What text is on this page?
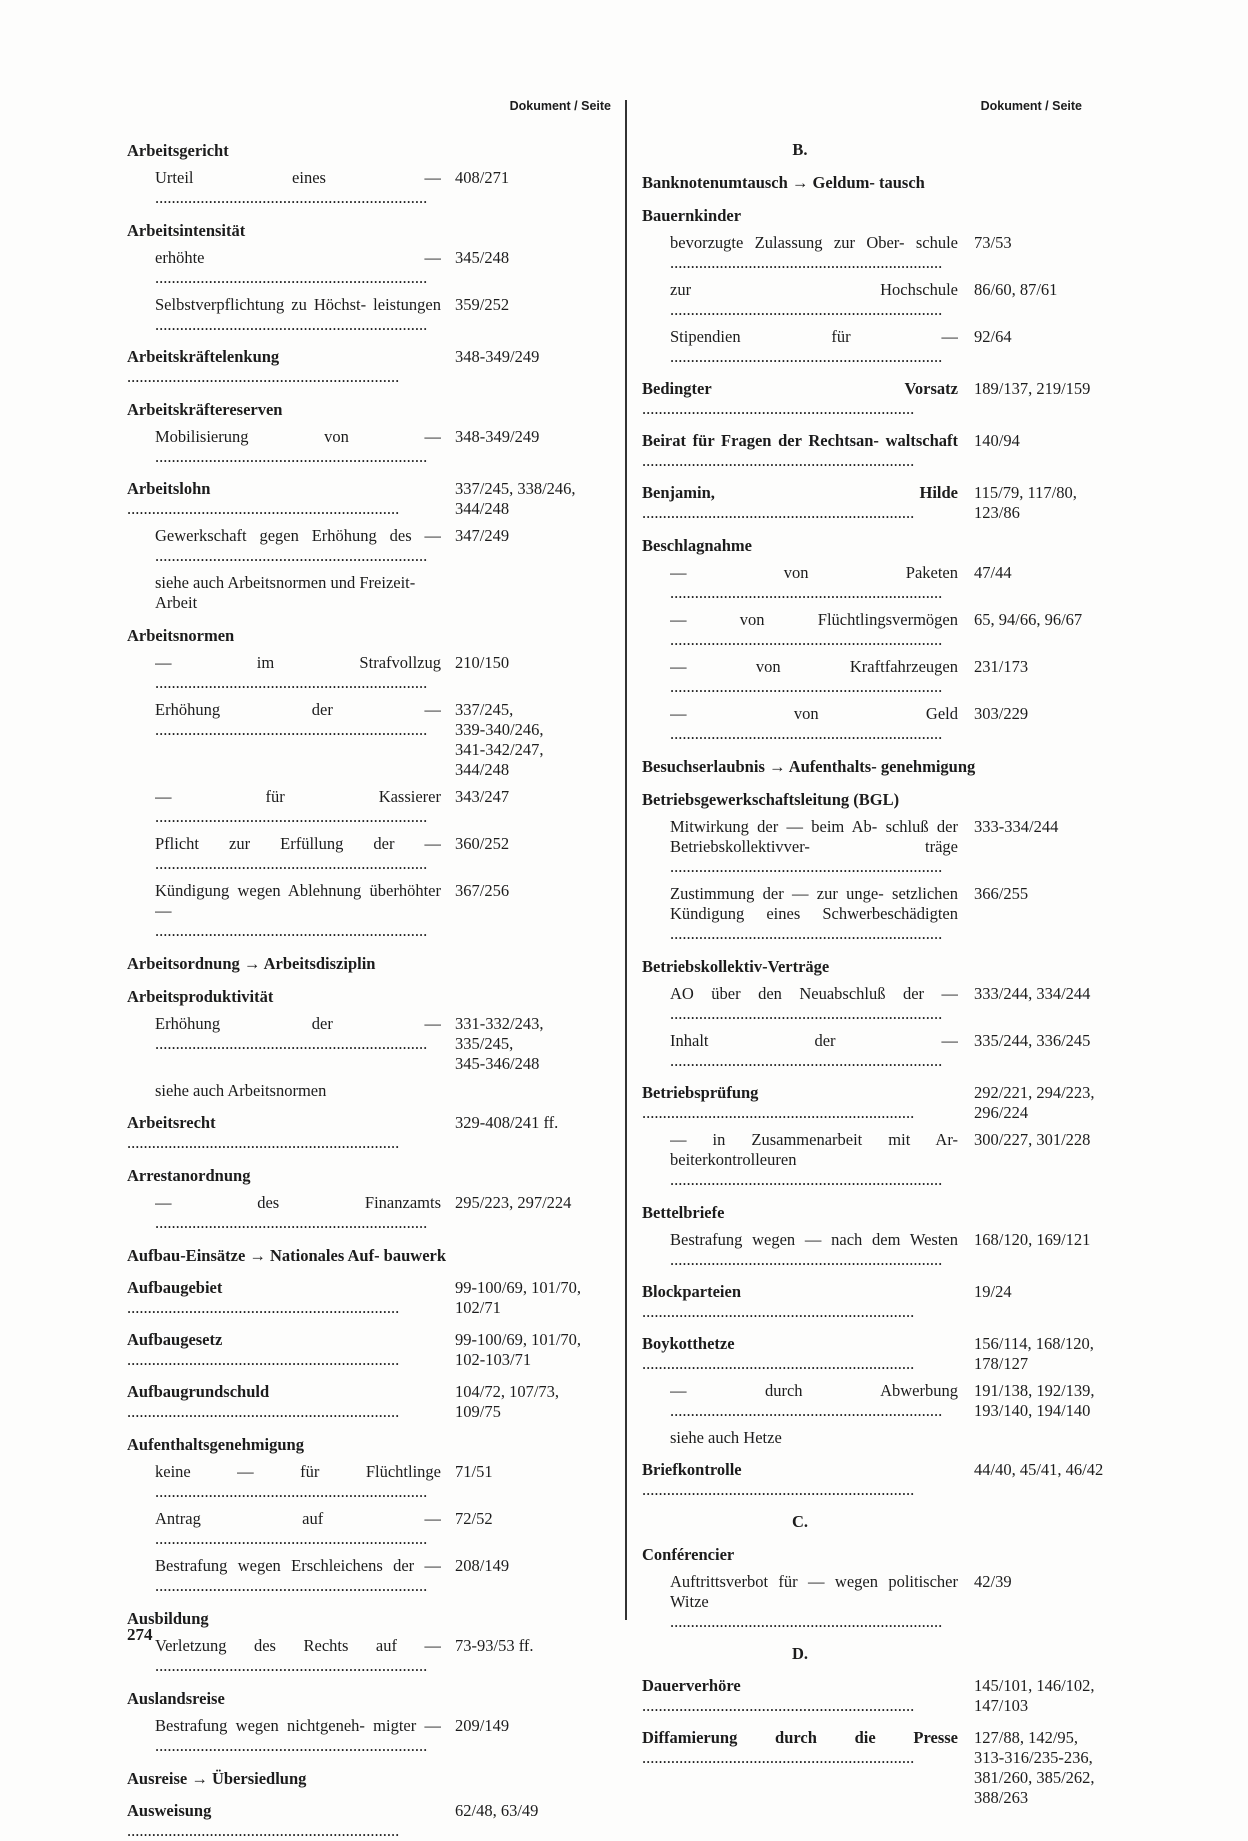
Dokument / Seite
Arbeitsgericht
Urteil eines — ..... 408/271
Arbeitsintensität
erhöhte — ..... 345/248
Selbstverpflichtung zu Höchst- leistungen ..... 359/252
Arbeitskräftelenkung .....	348-349/249
Arbeitskräftereserven
Mobilisierung von — ..... 348-349/249
Arbeitslohn .....	337/245, 338/246,
344/248
Gewerkschaft gegen Erhöhung des — ..... 347/249
siehe auch Arbeitsnormen und Freizeit-Arbeit
Arbeitsnormen
— im Strafvollzug ..... 210/150
Erhöhung der — ..... 337/245,
339-340/246,
341-342/247,
344/248
— für Kassierer ..... 343/247
Pflicht zur Erfüllung der — ..... 360/252
Kündigung wegen Ablehnung überhöhter — .....
367/256
Arbeitsordnung → Arbeitsdisziplin
Arbeitsproduktivität
Erhöhung der — ..... 331-332/243,
335/245,
345-346/248
siehe auch Arbeitsnormen
Arbeitsrecht .....	329-408/241 ff.
Arrestanordnung
— des Finanzamts ..... 295/223, 297/224
Aufbau-Einsätze → Nationales Auf- bauwerk
Aufbaugebiet .....	99-100/69, 101/70,
102/71
Aufbaugesetz .....	99-100/69, 101/70,
102-103/71
Aufbaugrundschuld .....	104/72, 107/73,
109/75
Aufenthaltsgenehmigung
keine — für Flüchtlinge ..... 71/51
Antrag auf — ..... 72/52
Bestrafung wegen Erschleichens der — ..... 208/149
Ausbildung
Verletzung des Rechts auf — ..... 73-93/53 ff.
Auslandsreise
Bestrafung wegen nichtgeneh- migter — ..... 209/149
Ausreise → Übersiedlung
Ausweisung .....	62/48, 63/49
Dokument / Seite
B.
Banknotenumtausch → Geldum- tausch
Bauernkinder
bevorzugte Zulassung zur Ober- schule ..... 73/53
zur Hochschule ..... 86/60, 87/61
Stipendien für — ..... 92/64
Bedingter Vorsatz ..... 189/137, 219/159
Beirat für Fragen der Rechtsan- waltschaft ..... 140/94
Benjamin, Hilde ..... 115/79, 117/80,
123/86
Beschlagnahme
— von Paketen ..... 47/44
— von Flüchtlingsvermögen ..... 65, 94/66, 96/67
— von Kraftfahrzeugen ..... 231/173
— von Geld ..... 303/229
Besuchserlaubnis → Aufenthalts- genehmigung
Betriebsgewerkschaftsleitung (BGL)
Mitwirkung der — beim Ab- schluß der Betriebskollektivver- träge .....
333-334/244
Zustimmung der — zur unge- setzlichen Kündigung eines Schwerbeschädigten .....
366/255
Betriebskollektiv-Verträge
AO über den Neuabschluß der — ..... 333/244, 334/244
Inhalt der — ..... 335/244, 336/245
Betriebsprüfung .....	292/221, 294/223,
296/224
— in Zusammenarbeit mit Ar- beiterkontrolleuren .....
300/227, 301/228
Bettelbriefe
Bestrafung wegen — nach dem Westen ..... 168/120, 169/121
Blockparteien .....	19/24
Boykotthetze .....	156/114, 168/120,
178/127
— durch Abwerbung ..... 191/138, 192/139,
193/140, 194/140
siehe auch Hetze
Briefkontrolle .....	44/40, 45/41, 46/42
C.
Conférencier
Auftrittsverbot für — wegen politischer Witze .....
42/39
D.
Dauerverhöre .....	145/101, 146/102,
147/103
Diffamierung durch die Presse ..... 127/88, 142/95,
313-316/235-236,
381/260, 385/262,
388/263
274
